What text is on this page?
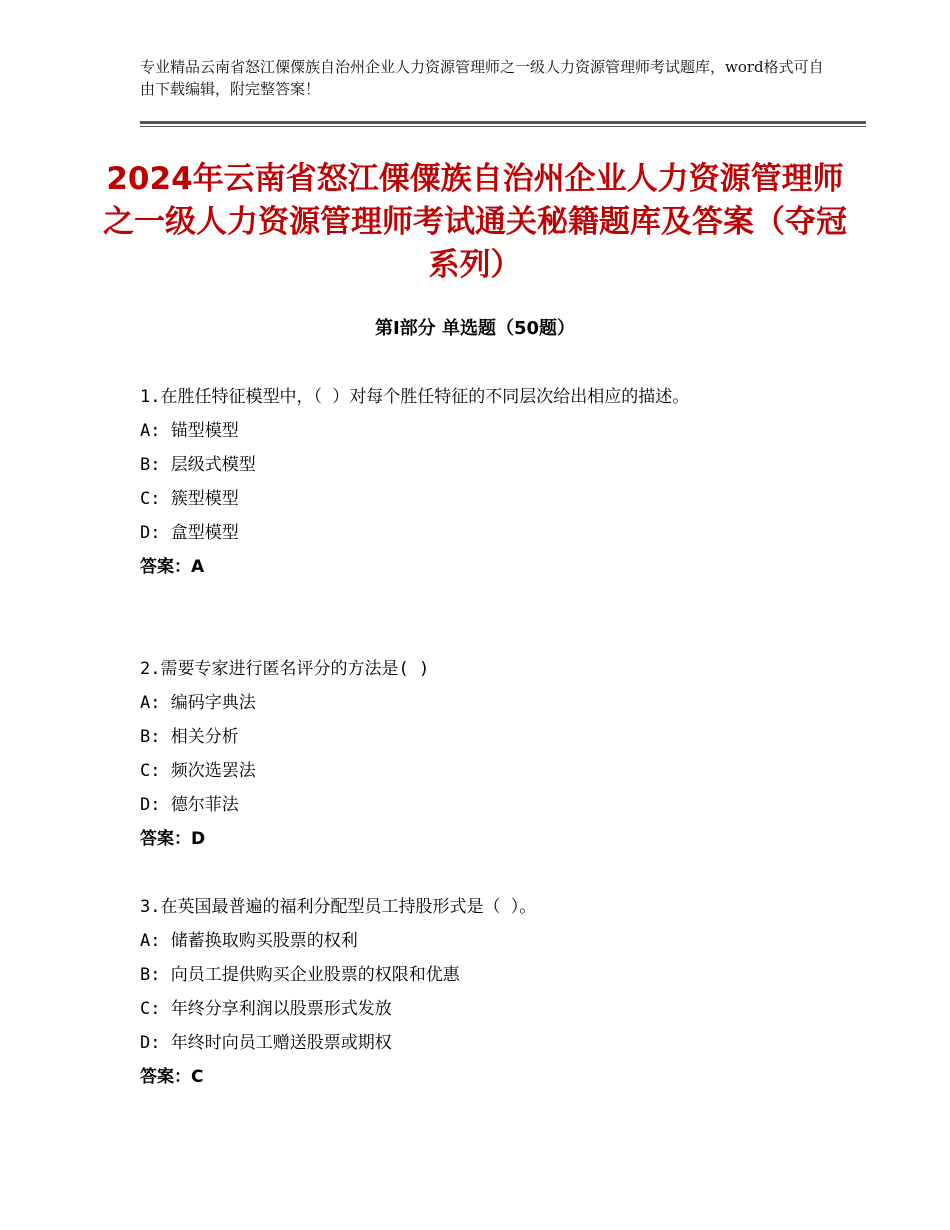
专业精品云南省怒江傈僳族自治州企业人力资源管理师之一级人力资源管理师考试题库，word格式可自由下载编辑，附完整答案！
2024年云南省怒江傈僳族自治州企业人力资源管理师之一级人力资源管理师考试通关秘籍题库及答案（夺冠系列）
第Ⅰ部分 单选题（50题）

1.在胜任特征模型中，（ ）对每个胜任特征的不同层次给出相应的描述。

A: 锚型模型

B: 层级式模型

C: 簇型模型

D: 盒型模型

答案：A

2.需要专家进行匿名评分的方法是( )

A: 编码字典法

B: 相关分析

C: 频次选罢法

D: 德尔菲法

答案：D

3.在英国最普遍的福利分配型员工持股形式是（ ）。

A: 储蓄换取购买股票的权利

B: 向员工提供购买企业股票的权限和优惠

C: 年终分享利润以股票形式发放

D: 年终时向员工赠送股票或期权

答案：C
